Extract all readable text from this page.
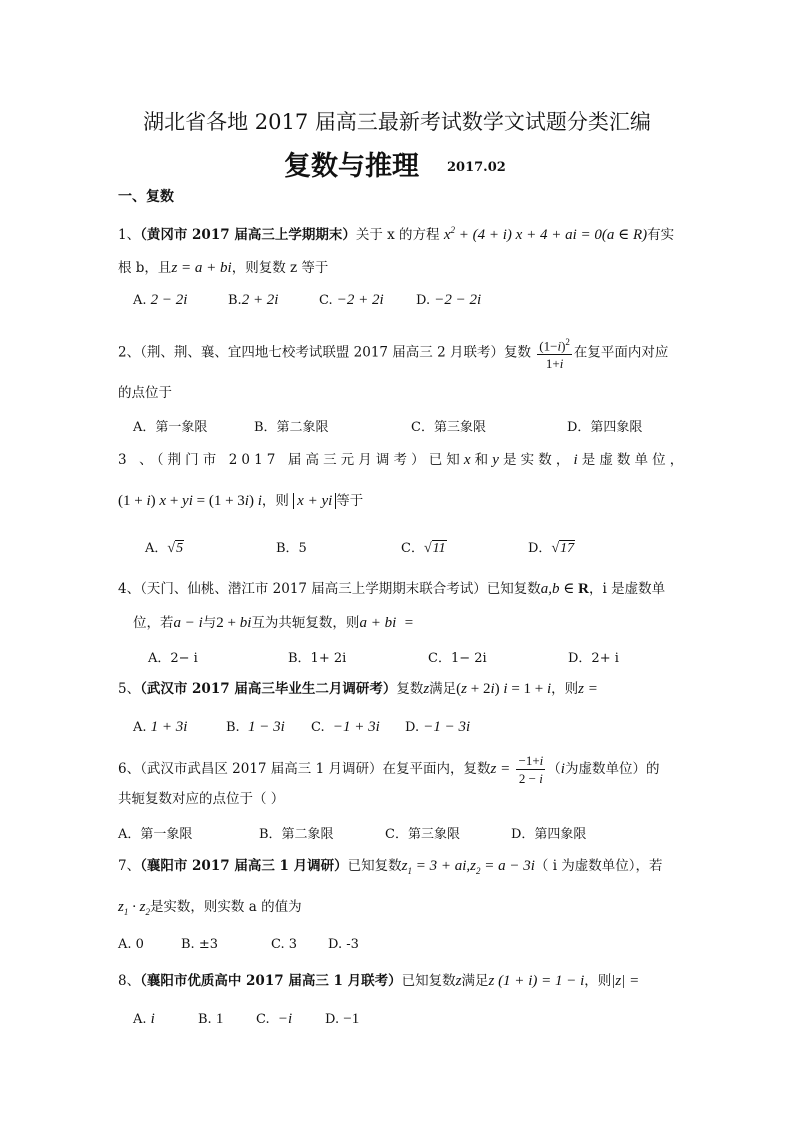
湖北省各地 2017 届高三最新考试数学文试题分类汇编
复数与推理 2017.02
一、复数
1、（黄冈市 2017 届高三上学期期末）关于 x 的方程 $x^2 + (4 + i) x + 4$ + ai = 0(a ∈ R)有实
根 b，且z = a + bi，则复数 z 等于
A. 2 − 2i	B.2 + 2i	C. −2 + 2i D. −2 − 2i
2、（荆、荆、襄、宜四地七校考试联盟 2017 届高三 2 月联考）复数 $\frac{(1-i)^2}{1+i}$ 在复平面内对应
的点位于
A．第一象限	B．第二象限	C．第三象限	D．第四象限
3 、（荆门市 2017 届高三元月调考）已知x和y是实数，i是虚数单位，
(1 + i) x + yi = (1 + 3i) i，则 x + yi 等于
A．√5	B．5	C．√11	D．√17
4、（天门、仙桃、潜江市 2017 届高三上学期期末联合考试）已知复数a,b ∈ R，i 是虚数单
位，若a − i与2 + bi互为共轭复数，则a + bi  =
A．2− i	B．1+ 2i	C．1− 2i	D．2+ i
5、（武汉市 2017 届高三毕业生二月调研考）复数z满足(z + 2i) i = 1 + i，则z =
A. 1 + 3i	B. 1 − 3i C. −1 + 3i D. −1 − 3i
6、（武汉市武昌区 2017 届高三 1 月调研）在复平面内，复数$z = \frac{-1+i}{2 - i} (i$为虚数单位）的
共轭复数对应的点位于（ ）
A．第一象限	B．第二象限	C．第三象限	D．第四象限
7、（襄阳市 2017 届高三 1 月调研）已知复数$z_1 = 3 + ai,z_2 = a - 3i$（ i 为虚数单位），若
$z_1 \cdot z_2$是实数，则实数 a 的值为
A. 0	B. ±3	C. 3 D. -3
8、（襄阳市优质高中 2017 届高三 1 月联考）已知复数z满足z (1 + i) = 1 − i，则|z| =
A. i	B. 1	C. −i	D. −1
